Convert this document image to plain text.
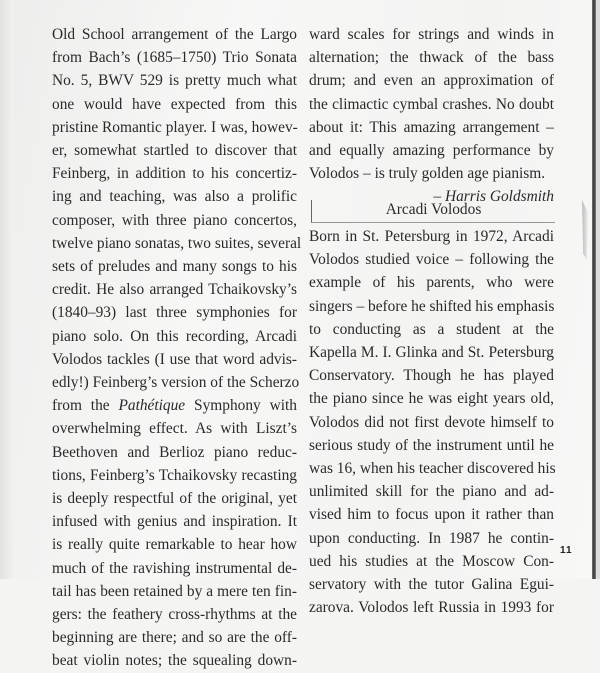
Old School arrangement of the Largo
from Bach’s (1685–1750) Trio Sonata
No. 5, BWV 529 is pretty much what
one would have expected from this
pristine Romantic player. I was, howev-
er, somewhat startled to discover that
Feinberg, in addition to his concertiz-
ing and teaching, was also a prolific
composer, with three piano concertos,
twelve piano sonatas, two suites, several
sets of preludes and many songs to his
credit. He also arranged Tchaikovsky’s
(1840–93) last three symphonies for
piano solo. On this recording, Arcadi
Volodos tackles (I use that word advis-
edly!) Feinberg’s version of the Scherzo
from the Pathétique Symphony with
overwhelming effect. As with Liszt’s
Beethoven and Berlioz piano reduc-
tions, Feinberg’s Tchaikovsky recasting
is deeply respectful of the original, yet
infused with genius and inspiration. It
is really quite remarkable to hear how
much of the ravishing instrumental de-
tail has been retained by a mere ten fin-
gers: the feathery cross-rhythms at the
beginning are there; and so are the off-
beat violin notes; the squealing down-
ward scales for strings and winds in
alternation; the thwack of the bass
drum; and even an approximation of
the climactic cymbal crashes. No doubt
about it: This amazing arrangement –
and equally amazing performance by
Volodos – is truly golden age pianism.
– Harris Goldsmith
Arcadi Volodos
Born in St. Petersburg in 1972, Arcadi
Volodos studied voice – following the
example of his parents, who were
singers – before he shifted his emphasis
to conducting as a student at the
Kapella M. I. Glinka and St. Petersburg
Conservatory. Though he has played
the piano since he was eight years old,
Volodos did not first devote himself to
serious study of the instrument until he
was 16, when his teacher discovered his
unlimited skill for the piano and ad-
vised him to focus upon it rather than
upon conducting. In 1987 he contin-
ued his studies at the Moscow Con-
servatory with the tutor Galina Egui-
zarova. Volodos left Russia in 1993 for
11
